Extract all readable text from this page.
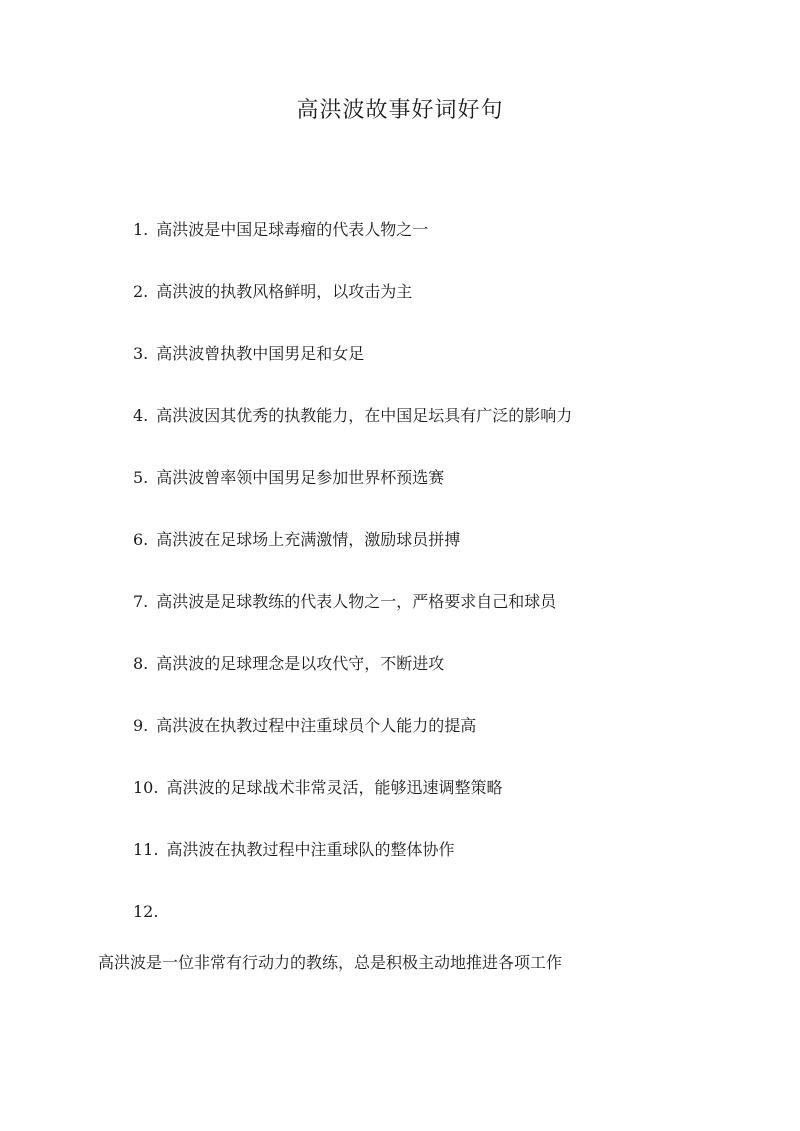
高洪波故事好词好句
1. 高洪波是中国足球毒瘤的代表人物之一
2. 高洪波的执教风格鲜明，以攻击为主
3. 高洪波曾执教中国男足和女足
4. 高洪波因其优秀的执教能力，在中国足坛具有广泛的影响力
5. 高洪波曾率领中国男足参加世界杯预选赛
6. 高洪波在足球场上充满激情，激励球员拼搏
7. 高洪波是足球教练的代表人物之一，严格要求自己和球员
8. 高洪波的足球理念是以攻代守，不断进攻
9. 高洪波在执教过程中注重球员个人能力的提高
10. 高洪波的足球战术非常灵活，能够迅速调整策略
11. 高洪波在执教过程中注重球队的整体协作
12.
高洪波是一位非常有行动力的教练，总是积极主动地推进各项工作
